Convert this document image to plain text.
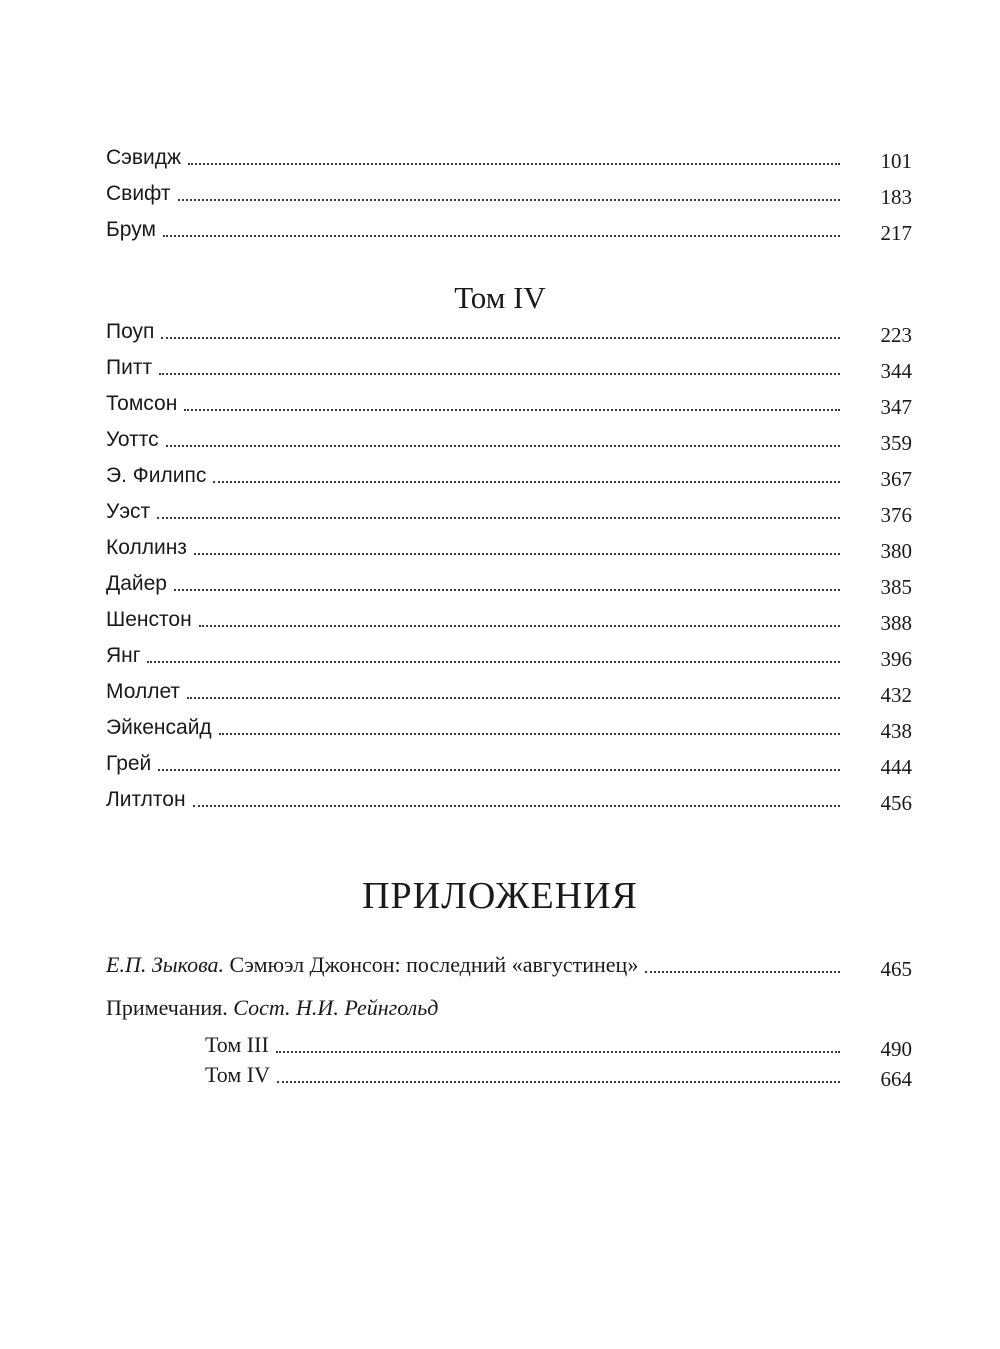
Сэвидж	101
Свифт	183
Брум	217
Том IV
Поуп	223
Питт	344
Томсон	347
Уоттс	359
Э. Филипс	367
Уэст	376
Коллинз	380
Дайер	385
Шенстон	388
Янг	396
Моллет	432
Эйкенсайд	438
Грей	444
Литлтон	456
ПРИЛОЖЕНИЯ
Е.П. Зыкова. Сэмюэл Джонсон: последний «августинец»	465
Примечания. Сост. Н.И. Рейнгольд
Том III	490
Том IV	664
